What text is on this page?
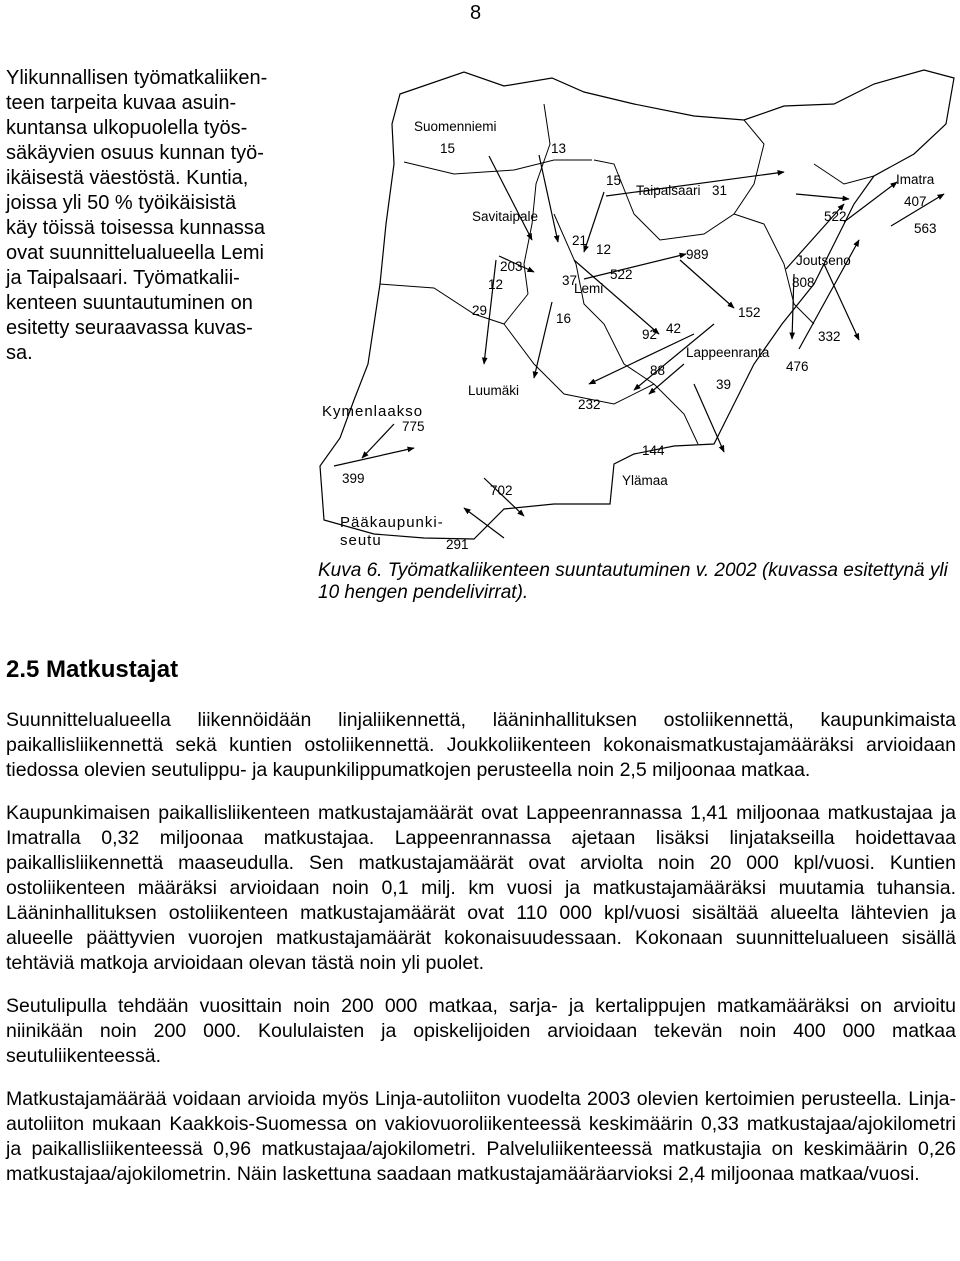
8
Ylikunnallisen työmatkaliiken-
teen tarpeita kuvaa asuin-
kuntansa ulkopuolella työs-
säkäyvien osuus kunnan työ-
ikäisestä väestöstä. Kuntia,
joissa yli 50 % työikäisistä
käy töissä toisessa kunnassa
ovat suunnittelualueella Lemi
ja Taipalsaari. Työmatkalii-
kenteen suuntautuminen on
esitetty seuraavassa kuvas-
sa.
Suomenniemi
Savitaipale
Taipalsaari
Lemi
Joutseno
Imatra
Lappeenranta
Luumäki
Kymenlaakso
Ylämaa
Pääkaupunki-
seutu
15	13
15
31
522
407
563
21
12	989
203
37 522
12	808
29
16	152
92 42
332
476
88
39
232
775
144
399
702
291
Kuva 6. Työmatkaliikenteen suuntautuminen v. 2002 (kuvassa esitettynä yli 10 hengen pendelivirrat).
2.5 Matkustajat

Suunnittelualueella liikennöidään linjaliikennettä, lääninhallituksen ostoliikennettä, kaupunkimaista paikallisliikennettä sekä kuntien ostoliikennettä. Joukkoliikenteen kokonaismatkustajamääräksi arvioidaan tiedossa olevien seutulippu- ja kaupunkilippumatkojen perusteella noin 2,5 miljoonaa matkaa.

Kaupunkimaisen paikallisliikenteen matkustajamäärät ovat Lappeenrannassa 1,41 miljoonaa matkustajaa ja Imatralla 0,32 miljoonaa matkustajaa. Lappeenrannassa ajetaan lisäksi linjatakseilla hoidettavaa paikallisliikennettä maaseudulla. Sen matkustajamäärät ovat arviolta noin 20 000 kpl/vuosi. Kuntien ostoliikenteen määräksi arvioidaan noin 0,1 milj. km vuosi ja matkustajamääräksi muutamia tuhansia. Lääninhallituksen ostoliikenteen matkustajamäärät ovat 110 000 kpl/vuosi sisältää alueelta lähtevien ja alueelle päättyvien vuorojen matkustajamäärät kokonaisuudessaan. Kokonaan suunnittelualueen sisällä tehtäviä matkoja arvioidaan olevan tästä noin yli puolet.

Seutulipulla tehdään vuosittain noin 200 000 matkaa, sarja- ja kertalippujen matkamääräksi on arvioitu niinikään noin 200 000. Koululaisten ja opiskelijoiden arvioidaan tekevän noin 400 000 matkaa seutuliikenteessä.

Matkustajamäärää voidaan arvioida myös Linja-autoliiton vuodelta 2003 olevien kertoimien perusteella. Linja-autoliiton mukaan Kaakkois-Suomessa on vakiovuoroliikenteessä keskimäärin 0,33 matkustajaa/ajokilometri ja paikallisliikenteessä 0,96 matkustajaa/ajokilometri. Palveluliikenteessä matkustajia on keskimäärin 0,26 matkustajaa/ajokilometrin. Näin laskettuna saadaan matkustajamääräarvioksi 2,4 miljoonaa matkaa/vuosi.
